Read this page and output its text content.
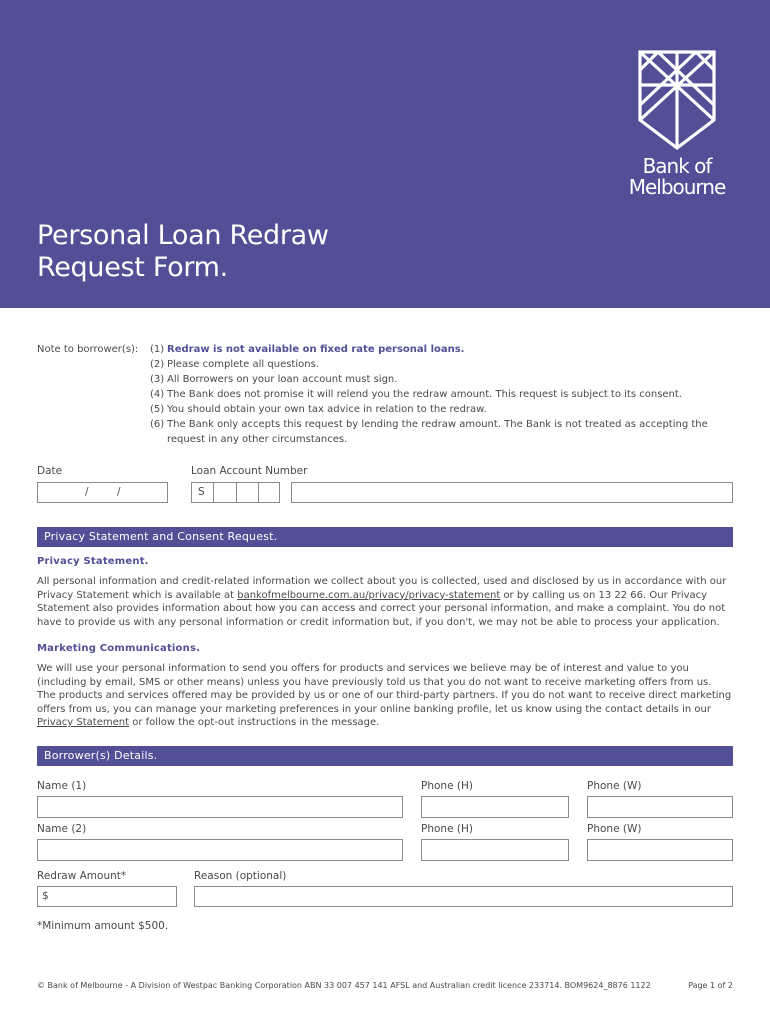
Bank of
Melbourne
Personal Loan Redraw
Request Form.
Note to borrower(s):	(1) Redraw is not available on fixed rate personal loans.
(2) Please complete all questions.
(3) All Borrowers on your loan account must sign.
(4) The Bank does not promise it will relend you the redraw amount. This request is subject to its consent.
(5) You should obtain your own tax advice in relation to the redraw.
(6) The Bank only accepts this request by lending the redraw amount. The Bank is not treated as accepting the request in any other circumstances.
Date
/	/
Loan Account Number
S
Privacy Statement and Consent Request.
Privacy Statement.
All personal information and credit-related information we collect about you is collected, used and disclosed by us in accordance with our Privacy Statement which is available at bankofmelbourne.com.au/privacy/privacy-statement or by calling us on 13 22 66. Our Privacy Statement also provides information about how you can access and correct your personal information, and make a complaint. You do not have to provide us with any personal information or credit information but, if you don't, we may not be able to process your application.
Marketing Communications.
We will use your personal information to send you offers for products and services we believe may be of interest and value to you (including by email, SMS or other means) unless you have previously told us that you do not want to receive marketing offers from us. The products and services offered may be provided by us or one of our third-party partners. If you do not want to receive direct marketing offers from us, you can manage your marketing preferences in your online banking profile, let us know using the contact details in our Privacy Statement or follow the opt-out instructions in the message.
Borrower(s) Details.
Name (1)	Phone (H)	Phone (W)
Name (2)	Phone (H)	Phone (W)
Redraw Amount*	Reason (optional)
$
*Minimum amount $500.
© Bank of Melbourne - A Division of Westpac Banking Corporation ABN 33 007 457 141 AFSL and Australian credit licence 233714. BOM9624_8876 1122	Page 1 of 2
